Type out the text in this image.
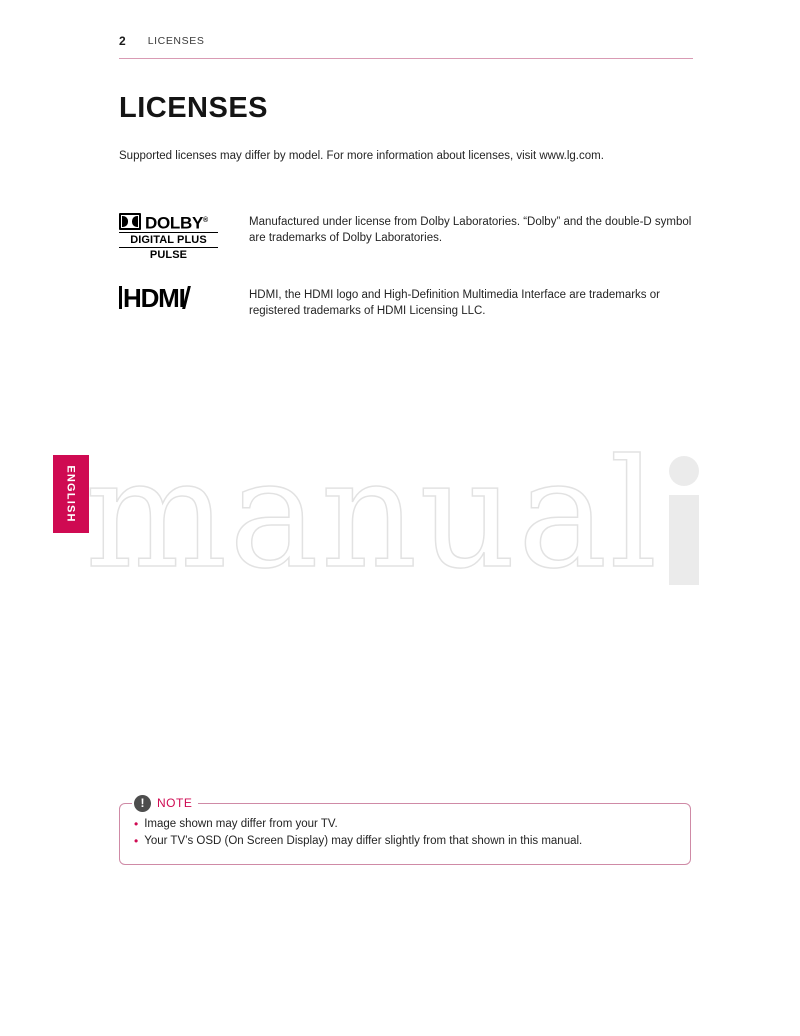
2 LICENSES
LICENSES
Supported licenses may differ by model. For more information about licenses, visit www.lg.com.
DOLBY®
DIGITAL PLUS
PULSE
Manufactured under license from Dolby Laboratories. “Dolby” and the double-D symbol are trademarks of Dolby Laboratories.
HDMI	HDMI, the HDMI logo and High-Definition Multimedia Interface are trademarks or registered trademarks of HDMI Licensing LLC.
ENGLISH manual
!	NOTE
• Image shown may differ from your TV.
• Your TV’s OSD (On Screen Display) may differ slightly from that shown in this manual.
